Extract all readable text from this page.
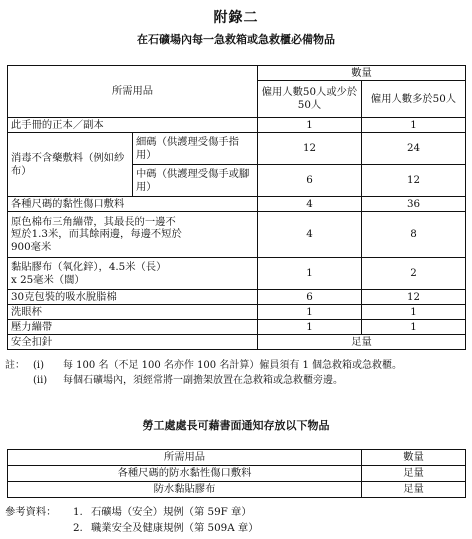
附錄二
在石礦場內每一急救箱或急救櫃必備物品
所需用品		數量	
		僱用人數50人或少於50人	僱用人數多於50人
此手冊的正本／副本		1	1
消毒不含藥敷料（例如紗布）	細碼（供護理受傷手指用）	12	24
	中碼（供護理受傷手或腳用）	6	12
各種尺碼的黏性傷口敷料		4	36

原色棉布三角繃帶，其最長的一邊不短於1.3米，而其餘兩邊，每邊不短於900毫米		4	8

黏貼膠布（氧化鋅），4.5米（長）x 25毫米（闊）		1	2
30克包裝的吸水脫脂棉		6	12
洗眼杯		1	1
壓力繃帶		1	1
安全扣針		足量	
註： (i)	每 100 名（不足 100 名亦作 100 名計算）僱員須有 1 個急救箱或急救櫃。
(ii)	每個石礦場內，須經常將一副擔架放置在急救箱或急救櫃旁邊。
勞工處處長可藉書面通知存放以下物品
所需用品	數量
各種尺碼的防水黏性傷口敷料	足量
防水黏貼膠布	足量
參考資料：	1. 石礦場（安全）規例（第 59F 章）
2. 職業安全及健康規例（第 509A 章）
